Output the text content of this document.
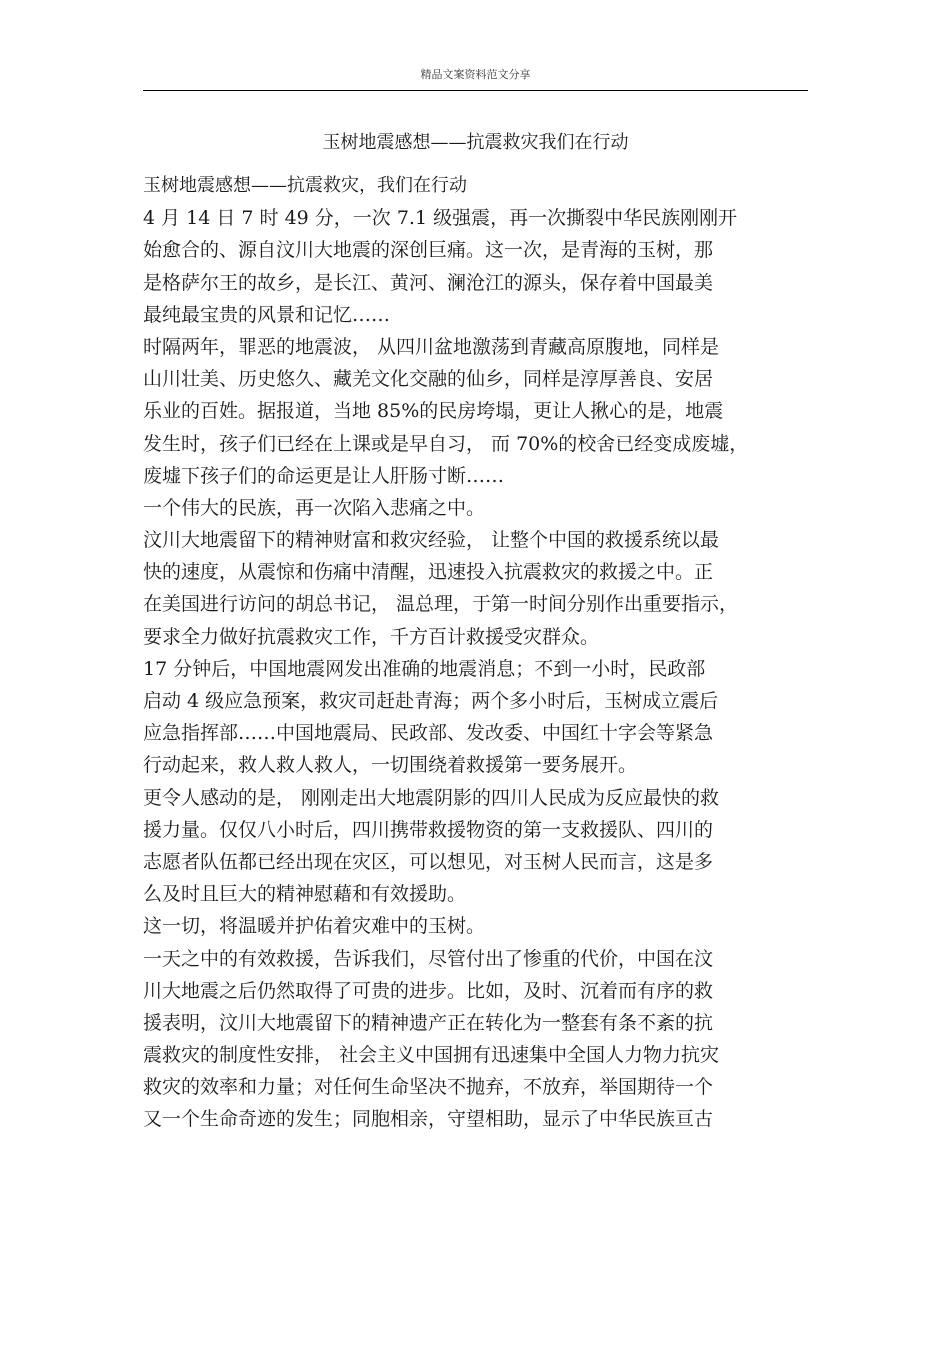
精品文案资料范文分享
玉树地震感想——抗震救灾我们在行动
玉树地震感想——抗震救灾，我们在行动
4 月 14 日 7 时 49 分，一次 7.1 级强震，再一次撕裂中华民族刚刚开
始愈合的、源自汶川大地震的深创巨痛。这一次，是青海的玉树，那
是格萨尔王的故乡，是长江、黄河、澜沧江的源头，保存着中国最美
最纯最宝贵的风景和记忆……
时隔两年，罪恶的地震波， 从四川盆地激荡到青藏高原腹地，同样是
山川壮美、历史悠久、藏羌文化交融的仙乡，同样是淳厚善良、安居
乐业的百姓。据报道，当地 85%的民房垮塌，更让人揪心的是，地震
发生时，孩子们已经在上课或是早自习， 而 70%的校舍已经变成废墟，
废墟下孩子们的命运更是让人肝肠寸断……
一个伟大的民族，再一次陷入悲痛之中。
汶川大地震留下的精神财富和救灾经验， 让整个中国的救援系统以最
快的速度，从震惊和伤痛中清醒，迅速投入抗震救灾的救援之中。正
在美国进行访问的胡总书记， 温总理，于第一时间分别作出重要指示，
要求全力做好抗震救灾工作，千方百计救援受灾群众。
17 分钟后，中国地震网发出准确的地震消息；不到一小时，民政部
启动 4 级应急预案，救灾司赶赴青海；两个多小时后，玉树成立震后
应急指挥部……中国地震局、民政部、发改委、中国红十字会等紧急
行动起来，救人救人救人，一切围绕着救援第一要务展开。
更令人感动的是， 刚刚走出大地震阴影的四川人民成为反应最快的救
援力量。仅仅八小时后，四川携带救援物资的第一支救援队、四川的
志愿者队伍都已经出现在灾区，可以想见，对玉树人民而言，这是多
么及时且巨大的精神慰藉和有效援助。
这一切，将温暖并护佑着灾难中的玉树。
一天之中的有效救援，告诉我们，尽管付出了惨重的代价，中国在汶
川大地震之后仍然取得了可贵的进步。比如，及时、沉着而有序的救
援表明，汶川大地震留下的精神遗产正在转化为一整套有条不紊的抗
震救灾的制度性安排， 社会主义中国拥有迅速集中全国人力物力抗灾
救灾的效率和力量；对任何生命坚决不抛弃，不放弃，举国期待一个
又一个生命奇迹的发生；同胞相亲，守望相助，显示了中华民族亘古
